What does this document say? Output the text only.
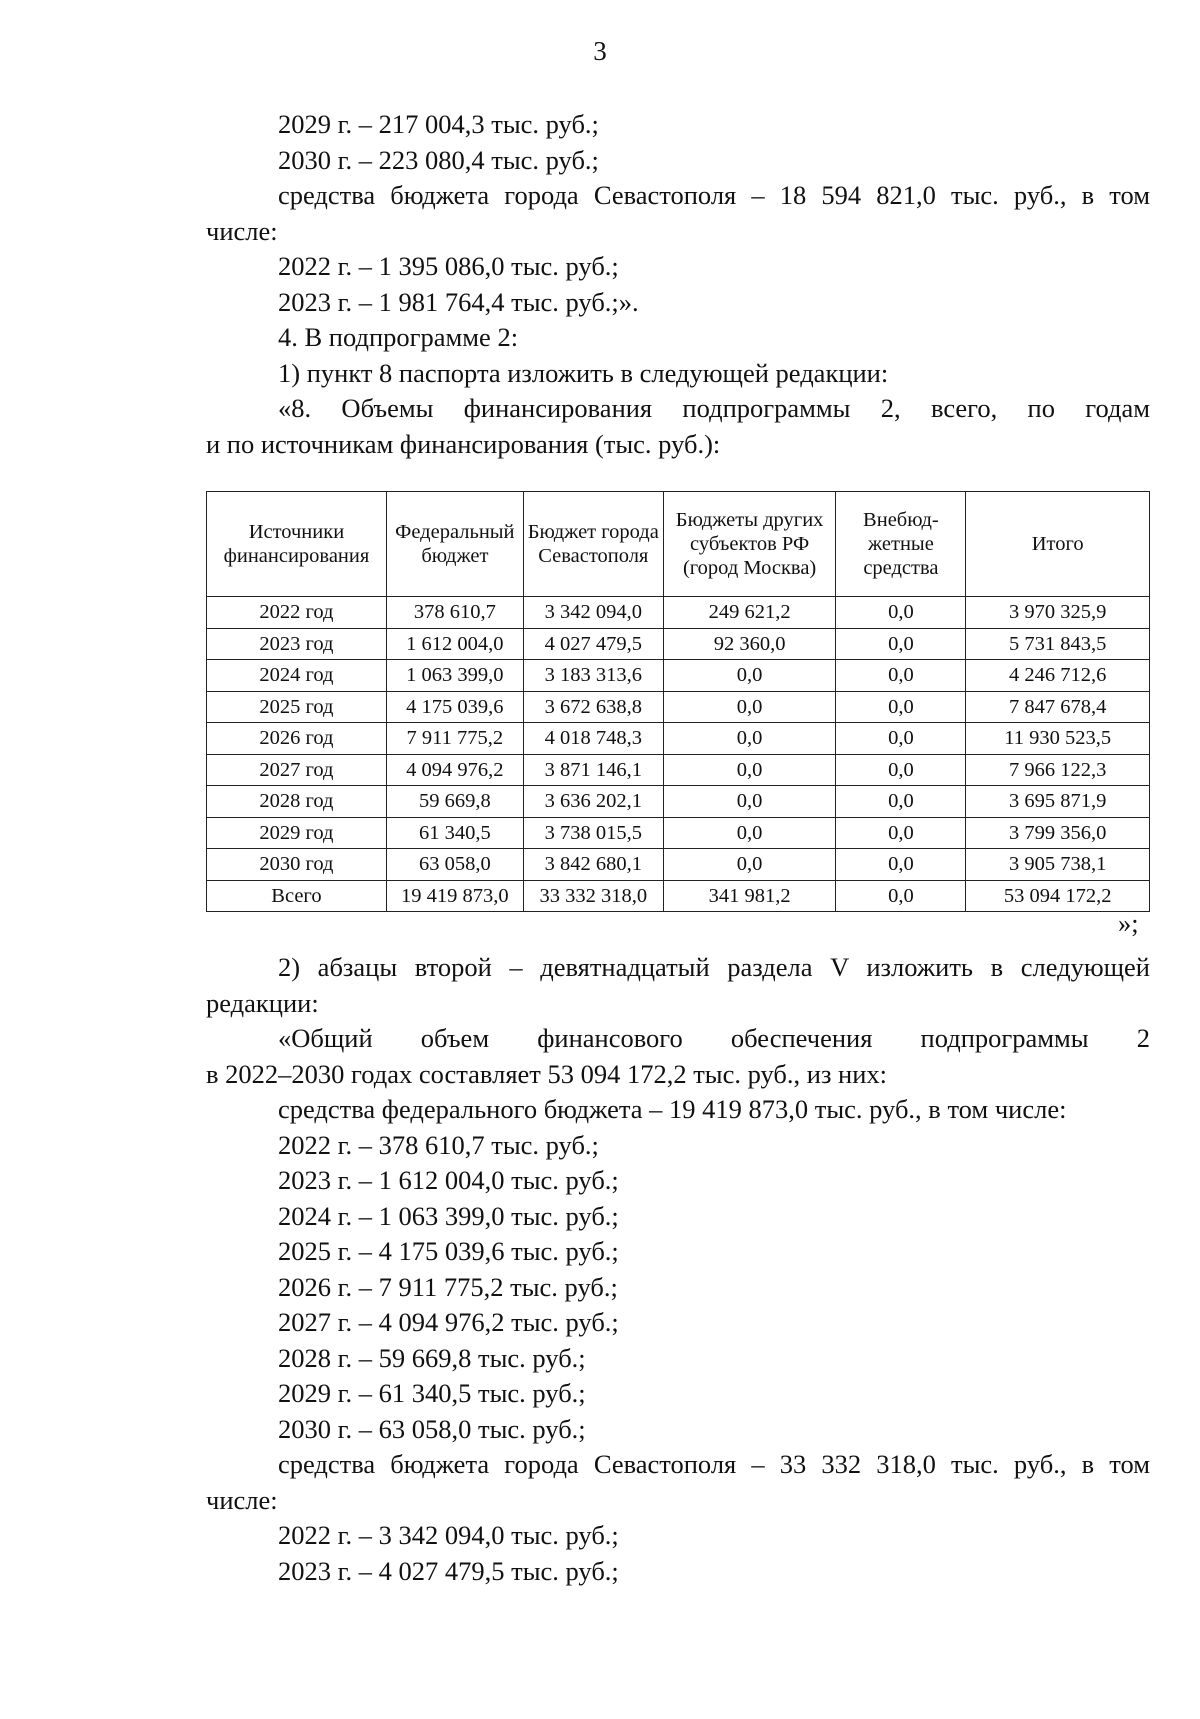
3
2029 г. – 217 004,3 тыс. руб.;
2030 г. – 223 080,4 тыс. руб.;
средства бюджета города Севастополя – 18 594 821,0 тыс. руб., в том
числе:
2022 г. – 1 395 086,0 тыс. руб.;
2023 г. – 1 981 764,4 тыс. руб.;».
4. В подпрограмме 2:
1) пункт 8 паспорта изложить в следующей редакции:
«8. Объемы финансирования подпрограммы 2, всего, по годам
и по источникам финансирования (тыс. руб.):
Источники финансирования	Федеральный бюджет	Бюджет города Севастополя	Бюджеты других субъектов РФ (город Москва)	Внебюд-жетные средства	Итого
2022 год	378 610,7	3 342 094,0	249 621,2	0,0	3 970 325,9
2023 год	1 612 004,0	4 027 479,5	92 360,0	0,0	5 731 843,5
2024 год	1 063 399,0	3 183 313,6	0,0	0,0	4 246 712,6
2025 год	4 175 039,6	3 672 638,8	0,0	0,0	7 847 678,4
2026 год	7 911 775,2	4 018 748,3	0,0	0,0	11 930 523,5
2027 год	4 094 976,2	3 871 146,1	0,0	0,0	7 966 122,3
2028 год	59 669,8	3 636 202,1	0,0	0,0	3 695 871,9
2029 год	61 340,5	3 738 015,5	0,0	0,0	3 799 356,0
2030 год	63 058,0	3 842 680,1	0,0	0,0	3 905 738,1
Всего	19 419 873,0	33 332 318,0	341 981,2	0,0	53 094 172,2
»;
2) абзацы второй – девятнадцатый раздела V изложить в следующей
редакции:
«Общий объем финансового обеспечения подпрограммы 2
в 2022–2030 годах составляет 53 094 172,2 тыс. руб., из них:
средства федерального бюджета – 19 419 873,0 тыс. руб., в том числе:
2022 г. – 378 610,7 тыс. руб.;
2023 г. – 1 612 004,0 тыс. руб.;
2024 г. – 1 063 399,0 тыс. руб.;
2025 г. – 4 175 039,6 тыс. руб.;
2026 г. – 7 911 775,2 тыс. руб.;
2027 г. – 4 094 976,2 тыс. руб.;
2028 г. – 59 669,8 тыс. руб.;
2029 г. – 61 340,5 тыс. руб.;
2030 г. – 63 058,0 тыс. руб.;
средства бюджета города Севастополя – 33 332 318,0 тыс. руб., в том
числе:
2022 г. – 3 342 094,0 тыс. руб.;
2023 г. – 4 027 479,5 тыс. руб.;
